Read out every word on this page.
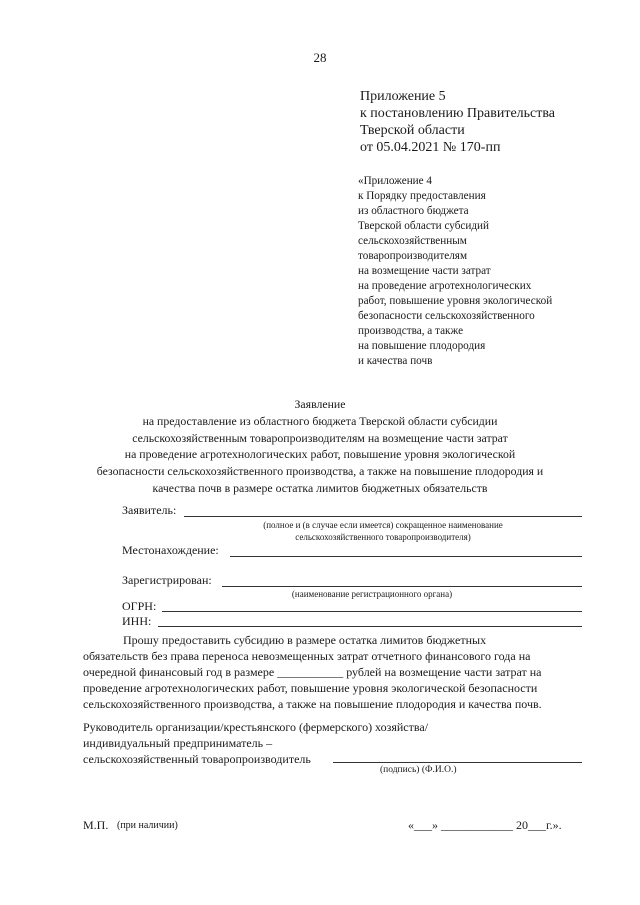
28
Приложение 5
к постановлению Правительства
Тверской области
от 05.04.2021 № 170-пп
«Приложение 4
к Порядку предоставления
из областного бюджета
Тверской области субсидий
сельскохозяйственным
товаропроизводителям
на возмещение части затрат
на проведение агротехнологических
работ, повышение уровня экологической
безопасности сельскохозяйственного
производства, а также
на повышение плодородия
и качества почв
Заявление
на предоставление из областного бюджета Тверской области субсидии
сельскохозяйственным товаропроизводителям на возмещение части затрат
на проведение агротехнологических работ, повышение уровня экологической
безопасности сельскохозяйственного производства, а также на повышение плодородия и
качества почв в размере остатка лимитов бюджетных обязательств
Заявитель:
(полное и (в случае если имеется) сокращенное наименование
сельскохозяйственного товаропроизводителя)
Местонахождение:
Зарегистрирован:
(наименование регистрационного органа)
ОГРН:
ИНН:

Прошу предоставить субсидию в размере остатка лимитов бюджетных

обязательств без права переноса невозмещенных затрат отчетного финансового года на

очередной финансовый год в размере ___________ рублей на возмещение части затрат на

проведение агротехнологических работ, повышение уровня экологической безопасности

сельскохозяйственного производства, а также на повышение плодородия и качества почв.

Руководитель организации/крестьянского (фермерского) хозяйства/
индивидуальный предприниматель –
сельскохозяйственный товаропроизводитель
(подпись) (Ф.И.О.)
М.П. (при наличии)	«___» ____________ 20___г.».
